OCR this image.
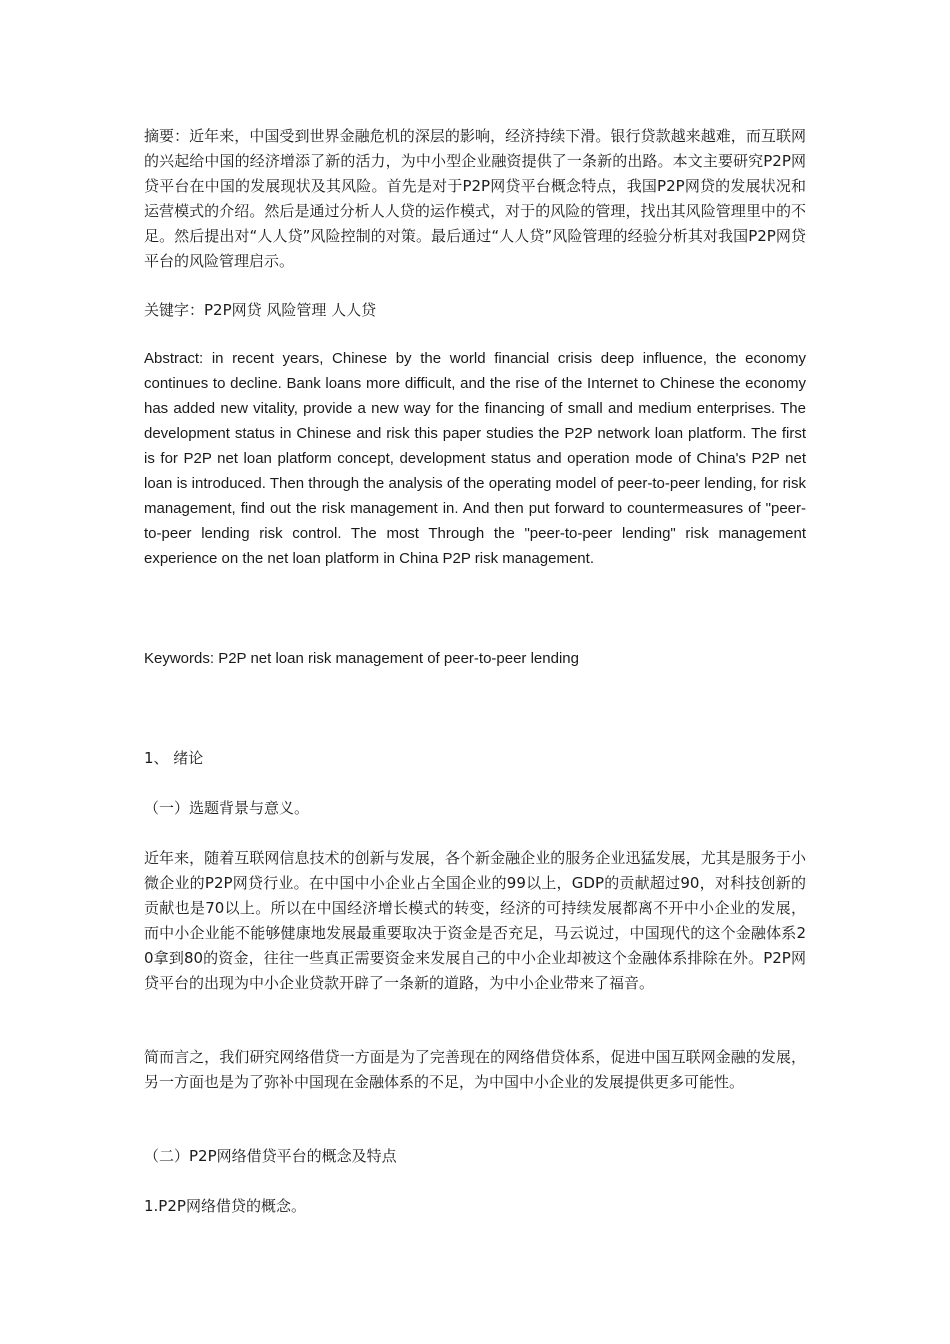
摘要：近年来，中国受到世界金融危机的深层的影响，经济持续下滑。银行贷款越来越难，而互联网的兴起给中国的经济增添了新的活力，为中小型企业融资提供了一条新的出路。本文主要研究P2P网贷平台在中国的发展现状及其风险。首先是对于P2P网贷平台概念特点，我国P2P网贷的发展状况和运营模式的介绍。然后是通过分析人人贷的运作模式，对于的风险的管理，找出其风险管理里中的不足。然后提出对“人人贷”风险控制的对策。最后通过“人人贷”风险管理的经验分析其对我国P2P网贷平台的风险管理启示。

关键字：P2P网贷 风险管理 人人贷

Abstract: in recent years, Chinese by the world financial crisis deep influence, the economy continues to decline. Bank loans more difficult, and the rise of the Internet to Chinese the economy has added new vitality, provide a new way for the financing of small and medium enterprises. The development status in Chinese and risk this paper studies the P2P network loan platform. The first is for P2P net loan platform concept, development status and operation mode of China's P2P net loan is introduced. Then through the analysis of the operating model of peer-to-peer lending, for risk management, find out the risk management in. And then put forward to countermeasures of "peer-to-peer lending risk control. The most Through the "peer-to-peer lending" risk management experience on the net loan platform in China P2P risk management.

Keywords: P2P net loan risk management of peer-to-peer lending

1、 绪论

（一）选题背景与意义。

近年来，随着互联网信息技术的创新与发展，各个新金融企业的服务企业迅猛发展，尤其是服务于小微企业的P2P网贷行业。在中国中小企业占全国企业的99以上，GDP的贡献超过90，对科技创新的贡献也是70以上。所以在中国经济增长模式的转变，经济的可持续发展都离不开中小企业的发展，而中小企业能不能够健康地发展最重要取决于资金是否充足，马云说过，中国现代的这个金融体系20拿到80的资金，往往一些真正需要资金来发展自己的中小企业却被这个金融体系排除在外。P2P网贷平台的出现为中小企业贷款开辟了一条新的道路，为中小企业带来了福音。

简而言之，我们研究网络借贷一方面是为了完善现在的网络借贷体系，促进中国互联网金融的发展，另一方面也是为了弥补中国现在金融体系的不足，为中国中小企业的发展提供更多可能性。

（二）P2P网络借贷平台的概念及特点

1.P2P网络借贷的概念。
